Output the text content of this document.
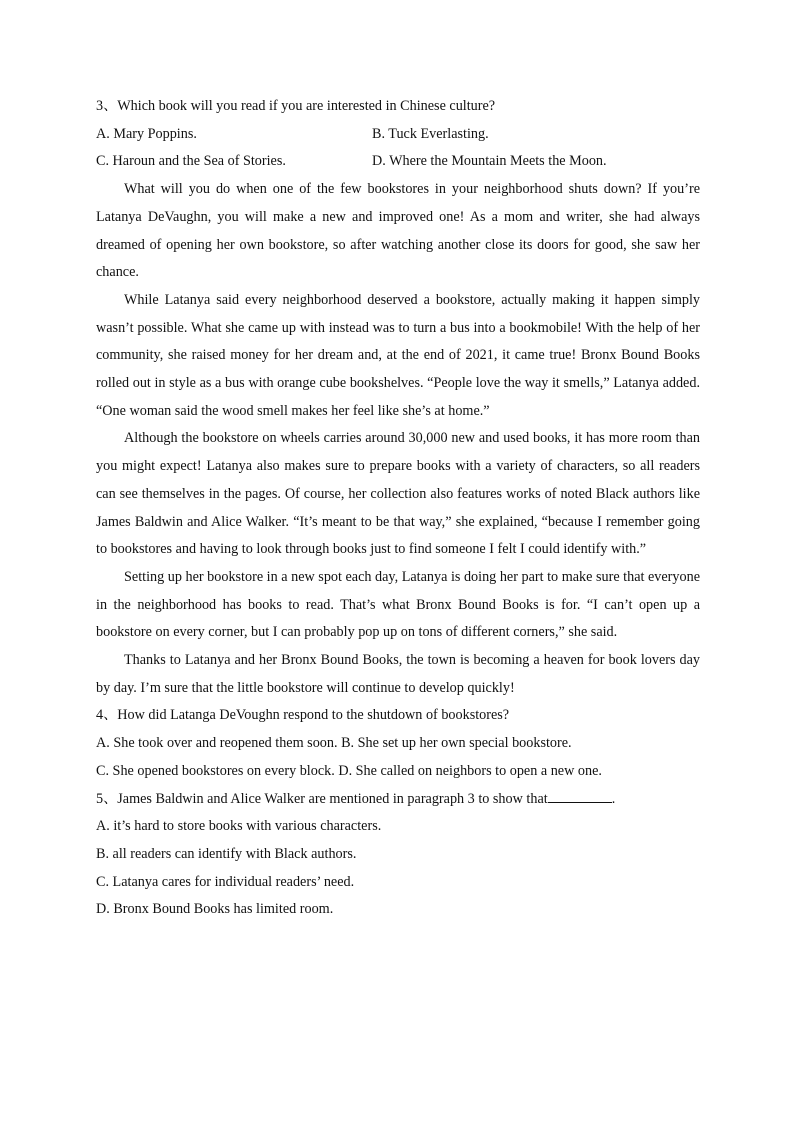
3、Which book will you read if you are interested in Chinese culture?

A. Mary Poppins.	B. Tuck Everlasting.
C. Haroun and the Sea of Stories.	D. Where the Mountain Meets the Moon.

What will you do when one of the few bookstores in your neighborhood shuts down? If you’re Latanya DeVaughn, you will make a new and improved one! As a mom and writer, she had always dreamed of opening her own bookstore, so after watching another close its doors for good, she saw her chance.

While Latanya said every neighborhood deserved a bookstore, actually making it happen simply wasn’t possible. What she came up with instead was to turn a bus into a bookmobile! With the help of her community, she raised money for her dream and, at the end of 2021, it came true! Bronx Bound Books rolled out in style as a bus with orange cube bookshelves. “People love the way it smells,” Latanya added. “One woman said the wood smell makes her feel like she’s at home.”

Although the bookstore on wheels carries around 30,000 new and used books, it has more room than you might expect! Latanya also makes sure to prepare books with a variety of characters, so all readers can see themselves in the pages. Of course, her collection also features works of noted Black authors like James Baldwin and Alice Walker. “It’s meant to be that way,” she explained, “because I remember going to bookstores and having to look through books just to find someone I felt I could identify with.”

Setting up her bookstore in a new spot each day, Latanya is doing her part to make sure that everyone in the neighborhood has books to read. That’s what Bronx Bound Books is for. “I can’t open up a bookstore on every corner, but I can probably pop up on tons of different corners,” she said.

Thanks to Latanya and her Bronx Bound Books, the town is becoming a heaven for book lovers day by day. I’m sure that the little bookstore will continue to develop quickly!

4、How did Latanga DeVoughn respond to the shutdown of bookstores?

A. She took over and reopened them soon. B. She set up her own special bookstore.

C. She opened bookstores on every block. D. She called on neighbors to open a new one.

5、James Baldwin and Alice Walker are mentioned in paragraph 3 to show that	.

A. it’s hard to store books with various characters.

B. all readers can identify with Black authors.

C. Latanya cares for individual readers’ need.

D. Bronx Bound Books has limited room.
